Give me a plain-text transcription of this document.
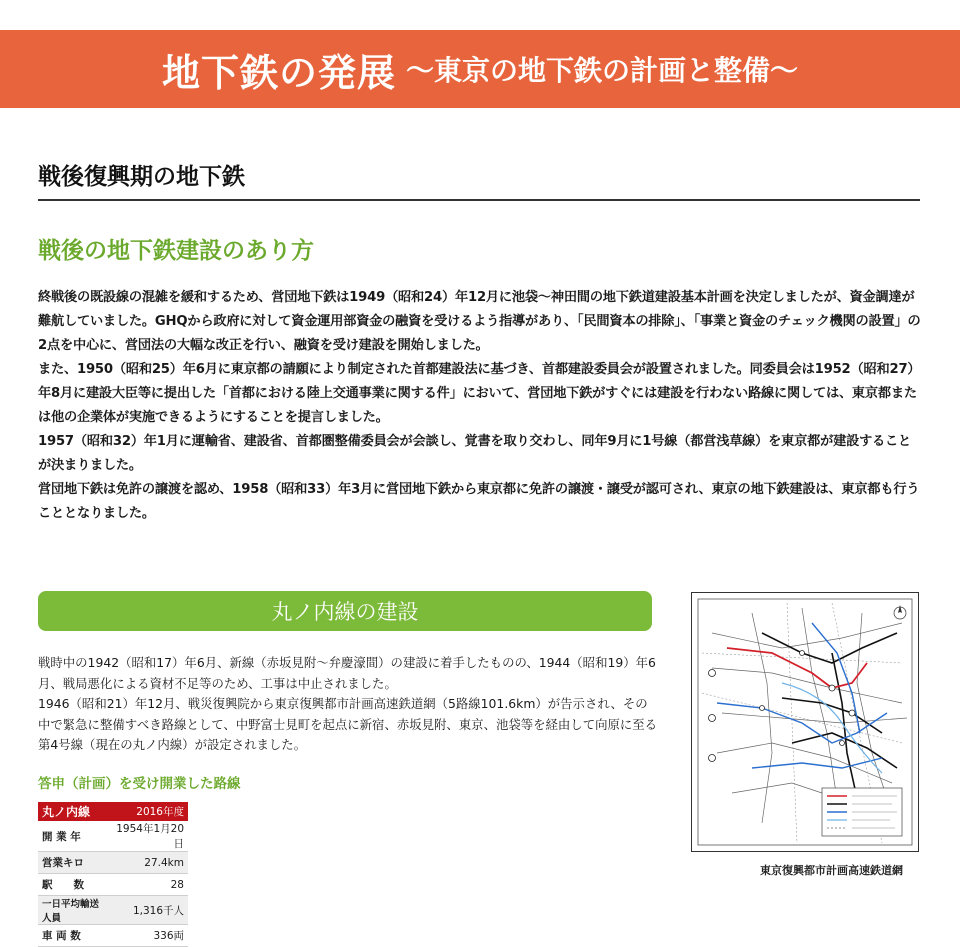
地下鉄の発展 〜東京の地下鉄の計画と整備〜
戦後復興期の地下鉄
戦後の地下鉄建設のあり方

終戦後の既設線の混雑を緩和するため、営団地下鉄は1949（昭和24）年12月に池袋〜神田間の地下鉄道建設基本計画を決定しましたが、資金調達が難航していました。GHQから政府に対して資金運用部資金の融資を受けるよう指導があり、「民間資本の排除」、「事業と資金のチェック機関の設置」の2点を中心に、営団法の大幅な改正を行い、融資を受け建設を開始しました。

また、1950（昭和25）年6月に東京都の請願により制定された首都建設法に基づき、首都建設委員会が設置されました。同委員会は1952（昭和27）年8月に建設大臣等に提出した「首都における陸上交通事業に関する件」において、営団地下鉄がすぐには建設を行わない路線に関しては、東京都または他の企業体が実施できるようにすることを提言しました。

1957（昭和32）年1月に運輸省、建設省、首都圏整備委員会が会談し、覚書を取り交わし、同年9月に1号線（都営浅草線）を東京都が建設することが決まりました。

営団地下鉄は免許の譲渡を認め、1958（昭和33）年3月に営団地下鉄から東京都に免許の譲渡・譲受が認可され、東京の地下鉄建設は、東京都も行うこととなりました。

丸ノ内線の建設

戦時中の1942（昭和17）年6月、新線（赤坂見附〜弁慶濠間）の建設に着手したものの、1944（昭和19）年6月、戦局悪化による資材不足等のため、工事は中止されました。

1946（昭和21）年12月、戦災復興院から東京復興都市計画高速鉄道網（5路線101.6km）が告示され、その中で緊急に整備すべき路線として、中野富士見町を起点に新宿、赤坂見附、東京、池袋等を経由して向原に至る第4号線（現在の丸ノ内線）が設定されました。

答申（計画）を受け開業した路線
丸ノ内線	2016年度
開 業 年	1954年1月20日
営業キロ	27.4km
駅　　数	28
一日平均輸送人員	1,316千人
車 両 数	336両
東京復興都市計画高速鉄道網
